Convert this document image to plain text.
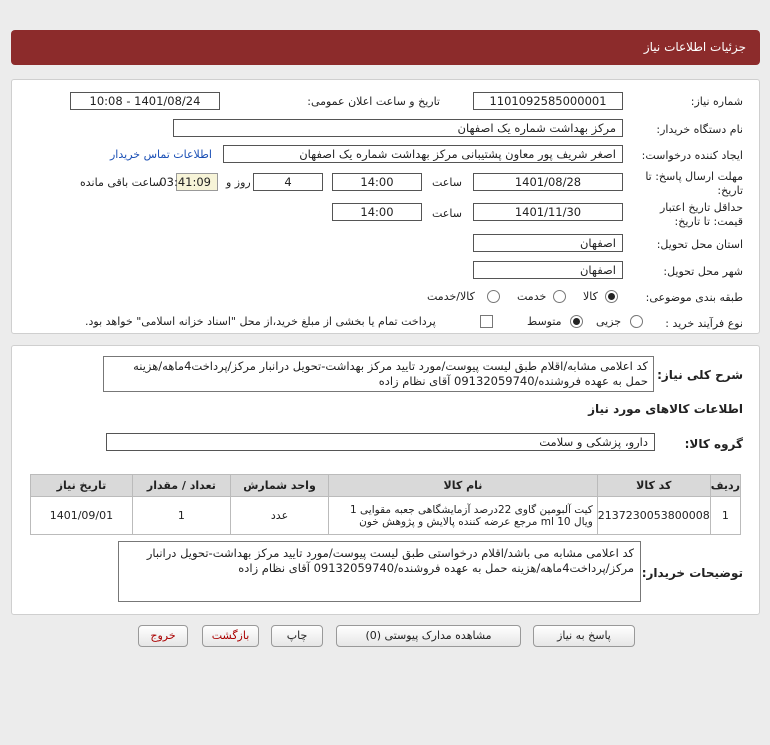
جزئیات اطلاعات نیاز
شماره نیاز:
1101092585000001
تاریخ و ساعت اعلان عمومی:
1401/08/24 - 10:08
نام دستگاه خریدار:
مرکز بهداشت شماره یک اصفهان
ایجاد کننده درخواست:
اصغر شریف پور معاون پشتیبانی مرکز بهداشت شماره یک اصفهان
اطلاعات تماس خریدار
مهلت ارسال پاسخ: تا
تاریخ:
1401/08/28
ساعت
14:00
4
روز و
03:41:09
ساعت باقی مانده
حداقل تاریخ اعتبار
قیمت: تا تاریخ:
1401/11/30
ساعت
14:00
استان محل تحویل:
اصفهان
شهر محل تحویل:
اصفهان
طبقه بندی موضوعی:
کالا
خدمت
کالا/خدمت
نوع فرآیند خرید :
جزیی
متوسط
پرداخت تمام یا بخشی از مبلغ خرید،از محل "اسناد خزانه اسلامی" خواهد بود.
شرح کلی نیاز:
کد اعلامی مشابه/اقلام طبق لیست پیوست/مورد تایید مرکز بهداشت-تحویل درانبار مرکز/پرداخت4ماهه/هزینه حمل به عهده فروشنده/09132059740 آقای نظام زاده
اطلاعات کالاهای مورد نیاز
گروه کالا:
دارو، پزشکی و سلامت
ردیف	کد کالا	نام کالا	واحد شمارش	تعداد / مقدار	تاریخ نیاز
1	2137230053800008	کیت آلبومین گاوی 22درصد آزمایشگاهی جعبه مقوایی 1 ویال 10 ml مرجع عرضه کننده پالایش و پژوهش خون	عدد	1	1401/09/01
توضیحات خریدار:
کد اعلامی مشابه می باشد/اقلام درخواستی طبق لیست پیوست/مورد تایید مرکز بهداشت-تحویل درانبار مرکز/پرداخت4ماهه/هزینه حمل به عهده فروشنده/09132059740 آقای نظام زاده
پاسخ به نیاز
مشاهده مدارک پیوستی (0)
چاپ
بازگشت
خروج
